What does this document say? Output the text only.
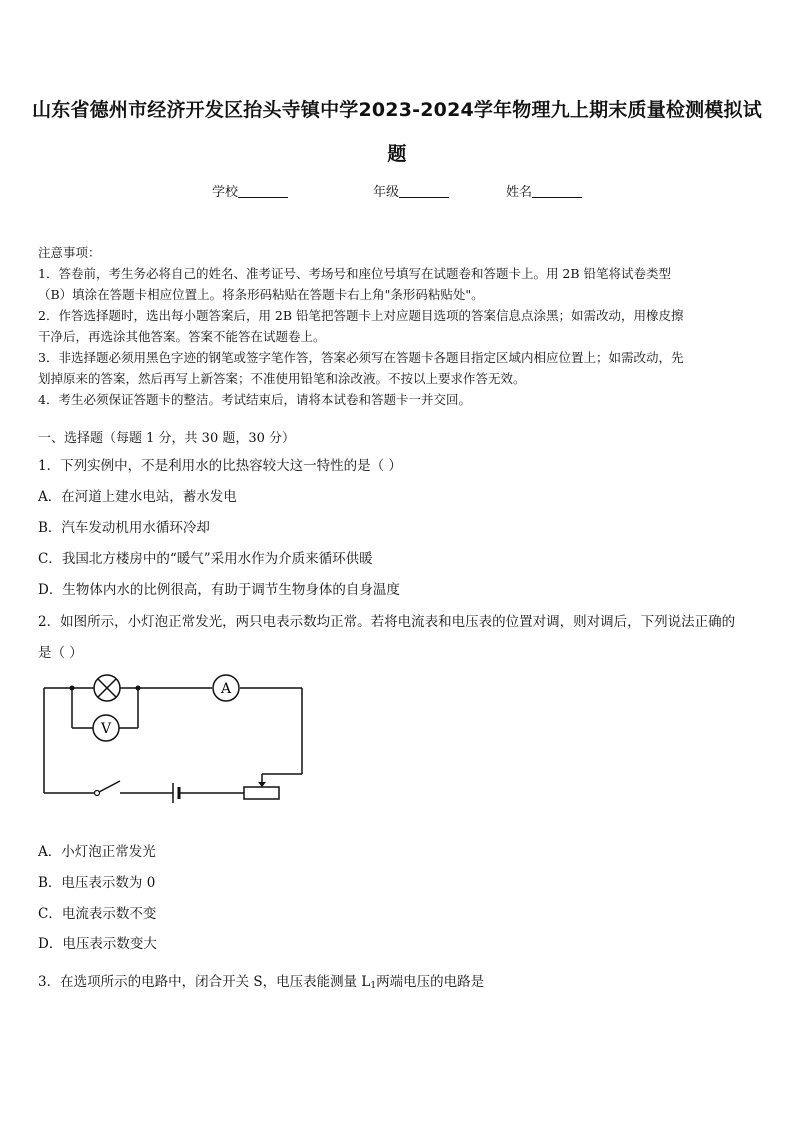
山东省德州市经济开发区抬头寺镇中学2023-2024学年物理九上期末质量检测模拟试
题
学校	年级	姓名

注意事项：

1．答卷前，考生务必将自己的姓名、准考证号、考场号和座位号填写在试题卷和答题卡上。用 2B 铅笔将试卷类型

（B）填涂在答题卡相应位置上。将条形码粘贴在答题卡右上角"条形码粘贴处"。

2．作答选择题时，选出每小题答案后，用 2B 铅笔把答题卡上对应题目选项的答案信息点涂黑；如需改动，用橡皮擦

干净后，再选涂其他答案。答案不能答在试题卷上。

3．非选择题必须用黑色字迹的钢笔或签字笔作答，答案必须写在答题卡各题目指定区域内相应位置上；如需改动，先

划掉原来的答案，然后再写上新答案；不准使用铅笔和涂改液。不按以上要求作答无效。

4．考生必须保证答题卡的整洁。考试结束后，请将本试卷和答题卡一并交回。

一、选择题（每题 1 分，共 30 题，30 分）
1．下列实例中，不是利用水的比热容较大这一特性的是（ ）
A．在河道上建水电站，蓄水发电
B．汽车发动机用水循环冷却
C．我国北方楼房中的“暖气”采用水作为介质来循环供暖
D．生物体内水的比例很高，有助于调节生物身体的自身温度
2．如图所示，小灯泡正常发光，两只电表示数均正常。若将电流表和电压表的位置对调，则对调后，下列说法正确的
是（ ）
V
A
A．小灯泡正常发光
B．电压表示数为 0
C．电流表示数不变
D．电压表示数变大
3．在选项所示的电路中，闭合开关 S，电压表能测量 $L_1$两端电压的电路是
